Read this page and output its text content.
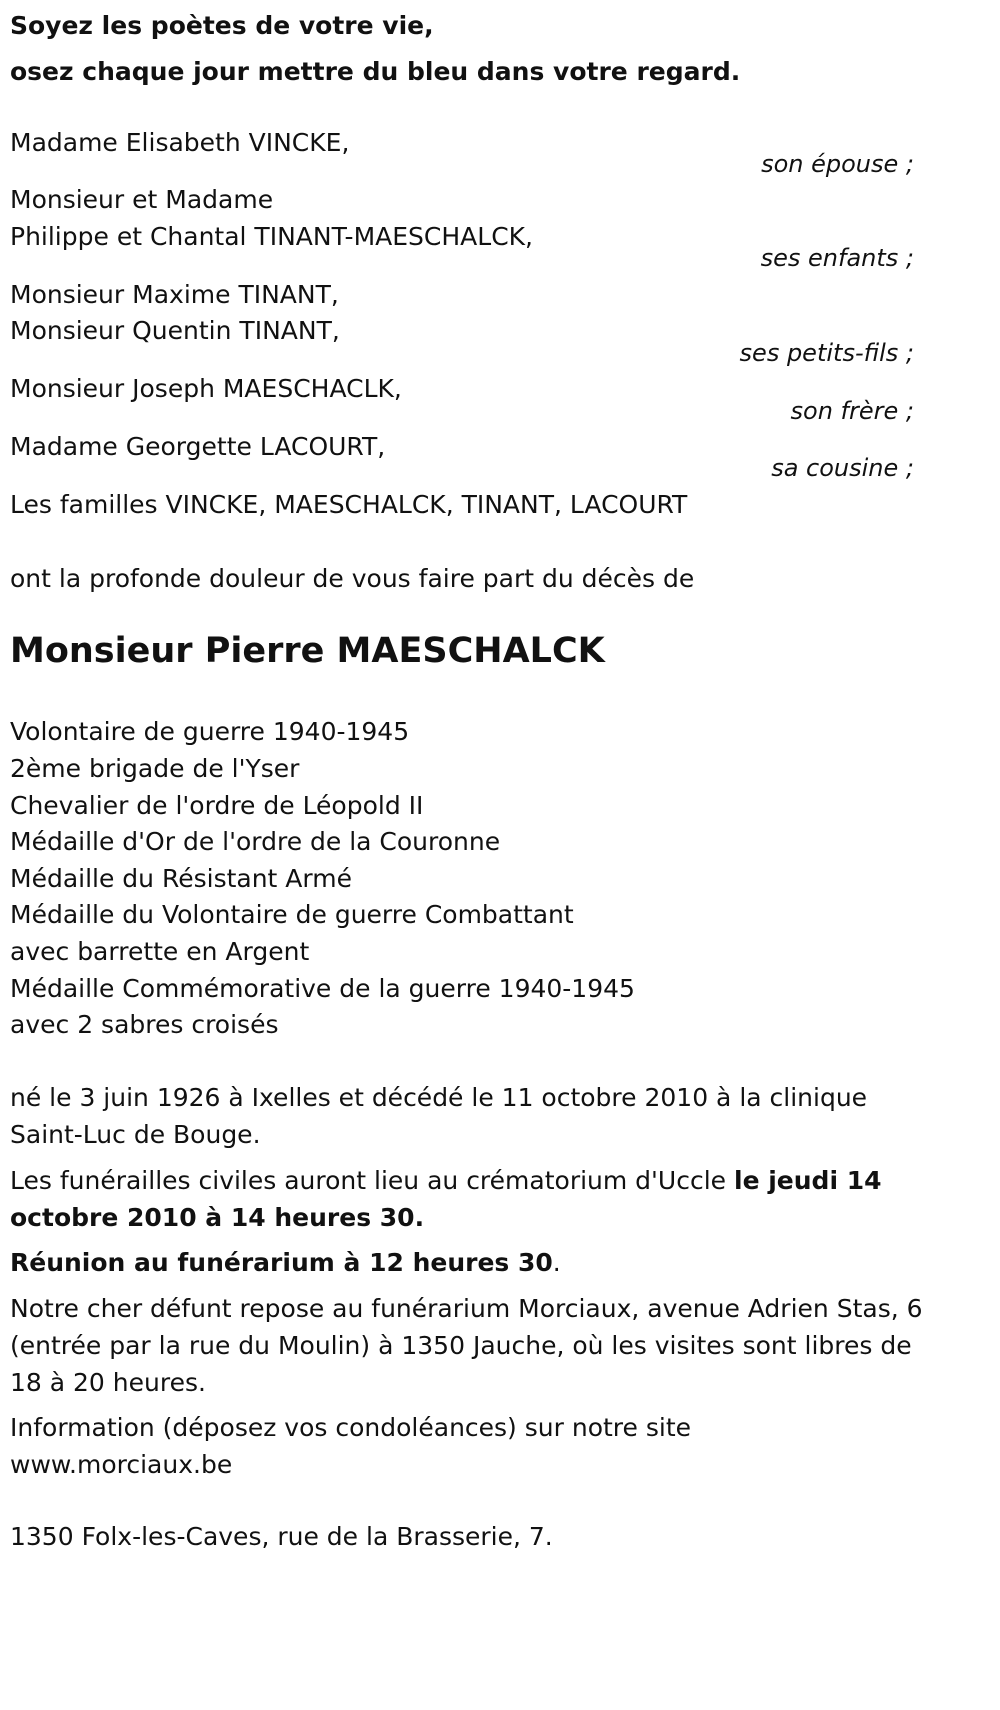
Soyez les poètes de votre vie,
osez chaque jour mettre du bleu dans votre regard.
Madame Elisabeth VINCKE,
son épouse ;
Monsieur et Madame
Philippe et Chantal TINANT-MAESCHALCK,
ses enfants ;
Monsieur Maxime TINANT,
Monsieur Quentin TINANT,
ses petits-fils ;
Monsieur Joseph MAESCHACLK,
son frère ;
Madame Georgette LACOURT,
sa cousine ;
Les familles VINCKE, MAESCHALCK, TINANT, LACOURT
ont la profonde douleur de vous faire part du décès de
Monsieur Pierre MAESCHALCK
Volontaire de guerre 1940-1945
2ème brigade de l'Yser
Chevalier de l'ordre de Léopold II
Médaille d'Or de l'ordre de la Couronne
Médaille du Résistant Armé
Médaille du Volontaire de guerre Combattant
avec barrette en Argent
Médaille Commémorative de la guerre 1940-1945
avec 2 sabres croisés
né le 3 juin 1926 à Ixelles et décédé le 11 octobre 2010 à la clinique
Saint-Luc de Bouge.
Les funérailles civiles auront lieu au crématorium d'Uccle le jeudi 14
octobre 2010 à 14 heures 30.
Réunion au funérarium à 12 heures 30.
Notre cher défunt repose au funérarium Morciaux, avenue Adrien Stas, 6
(entrée par la rue du Moulin) à 1350 Jauche, où les visites sont libres de
18 à 20 heures.
Information (déposez vos condoléances) sur notre site
www.morciaux.be
1350 Folx-les-Caves, rue de la Brasserie, 7.
